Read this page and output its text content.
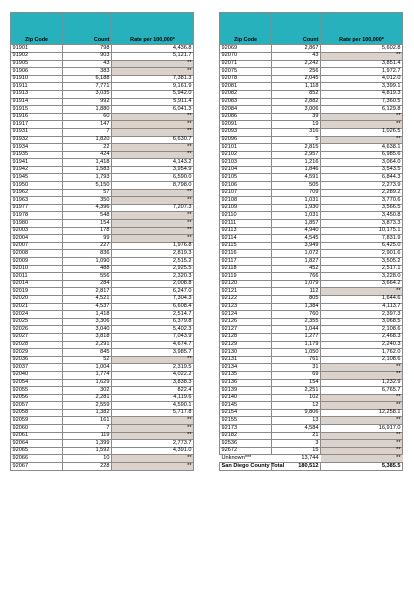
Zip Code	Count	Rate per 100,000*
91901	798	4,436.8
91902	903	5,121.7
91905	43	**
91906	383	**
91910	6,188	7,381.3
91911	7,771	9,161.9
91913	3,035	5,942.0
91914	992	5,911.4
91915	1,880	6,041.3
91916	60	**
91917	147	**
91931	7	**
91932	1,820	6,630.7
91934	22	**
91935	424	**
91941	1,418	4,143.2
91942	1,583	3,954.9
91945	1,793	6,590.0
91950	5,150	8,798.0
91962	57	**
91963	350	**
91977	4,396	7,207.3
91978	548	**
91980	154	**
92003	178	**
92004	99	**
92007	227	1,976.8
92008	836	2,819.3
92009	1,090	2,515.2
92010	488	2,925.5
92011	556	2,320.3
92014	284	2,008.8
92019	2,817	6,247.0
92020	4,521	7,304.3
92021	4,537	6,608.4
92024	1,418	2,514.7
92025	3,306	6,379.8
92026	3,040	5,402.3
92027	3,818	7,043.9
92028	2,291	4,674.7
92029	845	3,985.7
92036	52	**
92037	1,004	2,319.5
92040	1,774	4,022.2
92054	1,629	3,838.3
92055	302	822.4
92056	2,281	4,119.6
92057	2,559	4,590.1
92058	1,382	5,717.8
92059	161	**
92060	7	**
92061	119	**
92064	1,399	2,773.7
92065	1,592	4,391.0
92066	10	**
92067	228	**
Zip Code	Count	Rate per 100,000*
92069	2,867	5,602.8
92070	43	**
92071	2,242	3,851.4
92075	256	1,972.7
92078	2,045	4,012.0
92081	1,118	3,399.1
92082	852	4,819.3
92083	2,882	7,360.5
92084	3,006	6,129.8
92086	39	**
92091	19	**
92093	316	1,026.5
92096	5	**
92101	2,815	4,638.1
92102	2,957	6,985.6
92103	1,216	3,064.0
92104	1,846	3,543.5
92105	4,591	6,844.3
92106	505	2,273.9
92107	709	2,289.2
92108	1,031	3,770.6
92109	1,930	3,566.5
92110	1,031	3,450.8
92111	1,857	3,873.3
92113	4,940	10,175.1
92114	4,545	7,831.9
92115	3,949	6,425.0
92116	1,072	2,901.6
92117	1,827	3,505.2
92118	452	2,517.1
92119	766	3,228.0
92120	1,079	3,664.2
92121	112	**
92122	805	1,644.6
92123	1,384	4,113.7
92124	760	2,397.3
92126	2,355	3,068.5
92127	1,044	2,108.6
92128	1,277	2,468.3
92129	1,179	2,240.3
92130	1,050	1,762.0
92131	761	2,108.6
92134	31	**
92135	69	**
92136	154	1,232.9
92139	2,251	6,765.7
92140	102	**
92145	12	**
92154	9,806	12,258.1
92155	13	**
92173	4,584	16,917.0
92182	21	**
92536	3	**
92672	15	**
Unknown***	13,744	**
San Diego County Total	180,512	5,385.5
